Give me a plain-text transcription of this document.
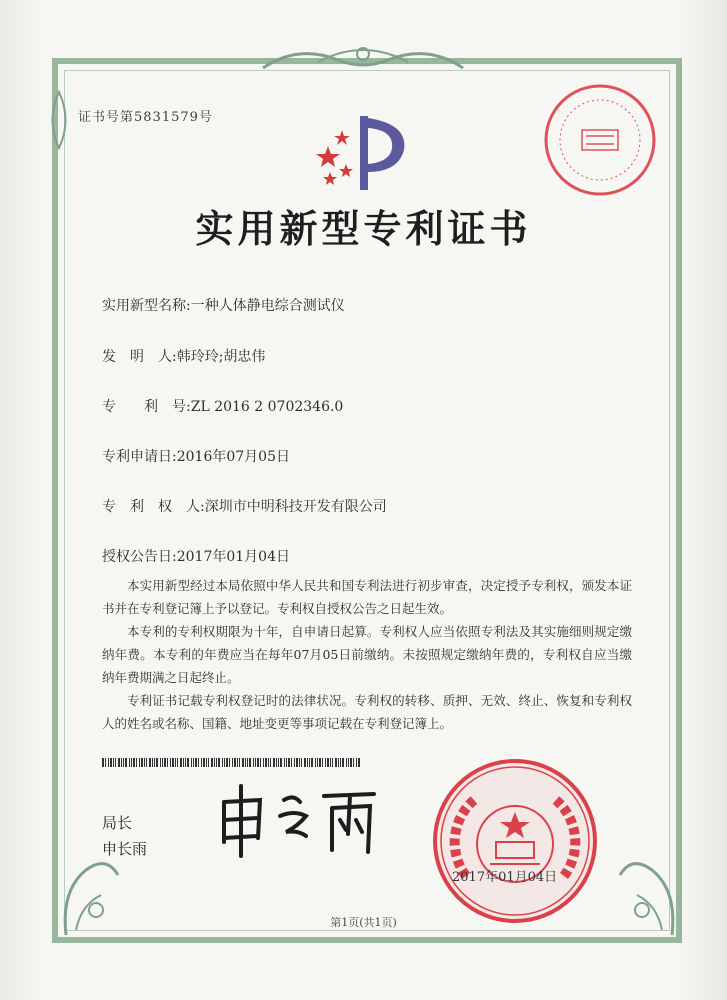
证书号第5831579号
实用新型专利证书
实用新型名称:一种人体静电综合测试仪
发　明　人:韩玲玲;胡忠伟
专　　利　号:ZL 2016 2 0702346.0
专利申请日:2016年07月05日
专　利　权　人:深圳市中明科技开发有限公司
授权公告日:2017年01月04日

本实用新型经过本局依照中华人民共和国专利法进行初步审查，决定授予专利权，颁发本证书并在专利登记簿上予以登记。专利权自授权公告之日起生效。

本专利的专利权期限为十年，自申请日起算。专利权人应当依照专利法及其实施细则规定缴纳年费。本专利的年费应当在每年07月05日前缴纳。未按照规定缴纳年费的，专利权自应当缴纳年费期满之日起终止。

专利证书记载专利权登记时的法律状况。专利权的转移、质押、无效、终止、恢复和专利权人的姓名或名称、国籍、地址变更等事项记载在专利登记簿上。

局长
申长雨
2017年01月04日
第1页(共1页)
